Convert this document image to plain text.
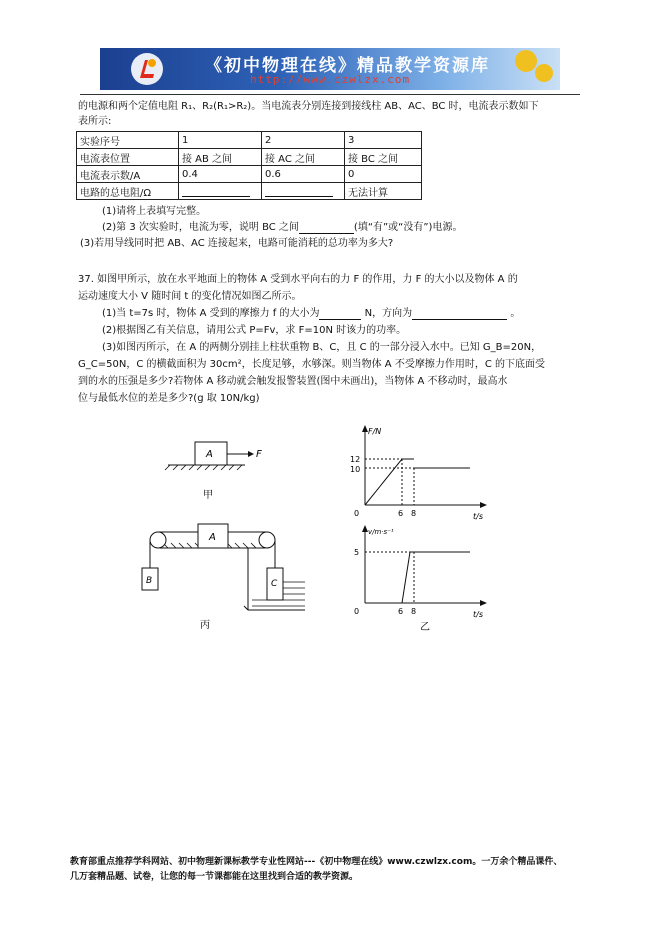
《初中物理在线》精品教学资源库
http://www.czwlzx.com
的电源和两个定值电阻 R₁、R₂(R₁>R₂)。当电流表分别连接到接线柱 AB、AC、BC 时，电流表示数如下
表所示:
实验序号	1	2	3
电流表位置	接 AB 之间	接 AC 之间	接 BC 之间
电流表示数/A	0.4	0.6	0
电路的总电阻/Ω			无法计算
(1)请将上表填写完整。
(2)第 3 次实验时，电流为零，说明 BC 之间	(填“有”或“没有”)电源。
(3)若用导线同时把 AB、AC 连接起来，电路可能消耗的总功率为多大?
37. 如图甲所示，放在水平地面上的物体 A 受到水平向右的力 F 的作用，力 F 的大小以及物体 A 的
运动速度大小 V 随时间 t 的变化情况如图乙所示。
(1)当 t=7s 时，物体 A 受到的摩擦力 f 的大小为	N，方向为	。
(2)根据图乙有关信息，请用公式 P=Fv，求 F=10N 时该力的功率。
(3)如图丙所示，在 A 的两侧分别挂上柱状重物 B、C，且 C 的一部分浸入水中。已知 G_B=20N，
G_C=50N，C 的横截面积为 30cm²，长度足够，水够深。则当物体 A 不受摩擦力作用时，C 的下底面受
到的水的压强是多少?若物体 A 移动就会触发报警装置(图中未画出)，当物体 A 不移动时，最高水
位与最低水位的差是多少?(g 取 10N/kg)
A	F
甲
A
B	C
丙
F/N
t/s
0
12
10
6 8
v/m·s⁻¹
t/s
0
5
6 8
乙
教育部重点推荐学科网站、初中物理新课标教学专业性网站---《初中物理在线》www.czwlzx.com。一万余个精品课件、
几万套精品题、试卷，让您的每一节课都能在这里找到合适的教学资源。
